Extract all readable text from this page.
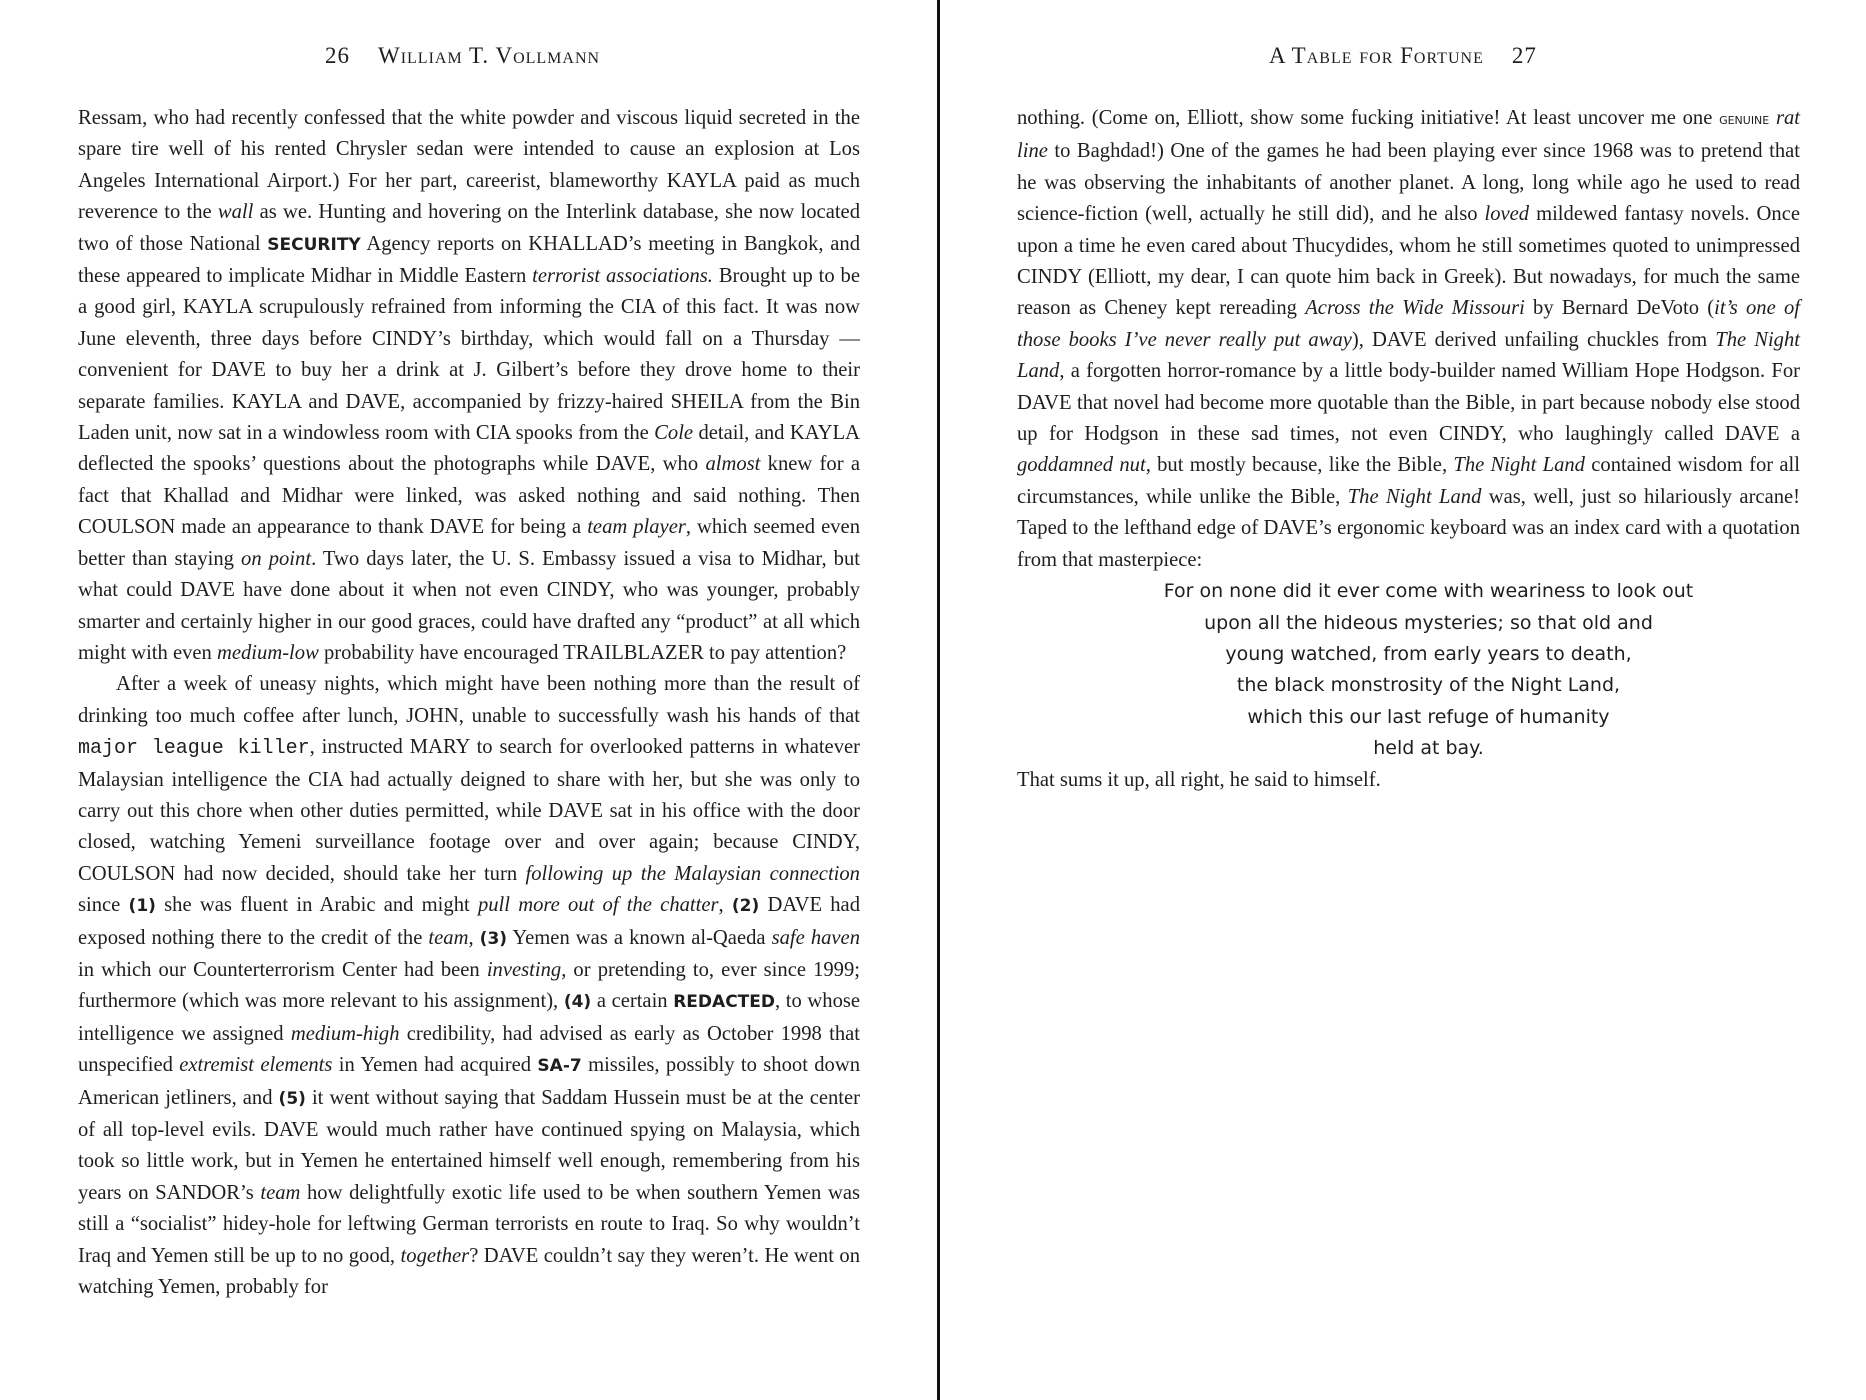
26 William T. Vollmann

Ressam, who had recently confessed that the white powder and viscous liquid secreted in the spare tire well of his rented Chrysler sedan were intended to cause an explosion at Los Angeles International Airport.) For her part, careerist, blameworthy KAYLA paid as much reverence to the wall as we. Hunting and hovering on the Interlink database, she now located two of those National SECURITY Agency reports on KHALLAD’s meeting in Bangkok, and these appeared to implicate Midhar in Middle Eastern terrorist associations. Brought up to be a good girl, KAYLA scrupulously refrained from informing the CIA of this fact. It was now June eleventh, three days before CINDY’s birthday, which would fall on a Thursday — convenient for DAVE to buy her a drink at J. Gilbert’s before they drove home to their separate families. KAYLA and DAVE, accompanied by frizzy-haired SHEILA from the Bin Laden unit, now sat in a windowless room with CIA spooks from the Cole detail, and KAYLA deflected the spooks’ questions about the photographs while DAVE, who almost knew for a fact that Khallad and Midhar were linked, was asked nothing and said nothing. Then COULSON made an appearance to thank DAVE for being a team player, which seemed even better than staying on point. Two days later, the U. S. Embassy issued a visa to Midhar, but what could DAVE have done about it when not even CINDY, who was younger, probably smarter and certainly higher in our good graces, could have drafted any “product” at all which might with even medium-low probability have encouraged TRAILBLAZER to pay attention?

After a week of uneasy nights, which might have been nothing more than the result of drinking too much coffee after lunch, JOHN, unable to successfully wash his hands of that major league killer, instructed MARY to search for overlooked patterns in whatever Malaysian intelligence the CIA had actually deigned to share with her, but she was only to carry out this chore when other duties permitted, while DAVE sat in his office with the door closed, watching Yemeni surveillance footage over and over again; because CINDY, COULSON had now decided, should take her turn following up the Malaysian connection since (1) she was fluent in Arabic and might pull more out of the chatter, (2) DAVE had exposed nothing there to the credit of the team, (3) Yemen was a known al-Qaeda safe haven in which our Counterterrorism Center had been investing, or pretending to, ever since 1999; furthermore (which was more relevant to his assignment), (4) a certain REDACTED, to whose intelligence we assigned medium-high credibility, had advised as early as October 1998 that unspecified extremist elements in Yemen had acquired SA-7 missiles, possibly to shoot down American jetliners, and (5) it went without saying that Saddam Hussein must be at the center of all top-level evils. DAVE would much rather have continued spying on Malaysia, which took so little work, but in Yemen he entertained himself well enough, remembering from his years on SANDOR’s team how delightfully exotic life used to be when southern Yemen was still a “socialist” hidey-hole for leftwing German terrorists en route to Iraq. So why wouldn’t Iraq and Yemen still be up to no good, together? DAVE couldn’t say they weren’t. He went on watching Yemen, probably for

A Table for Fortune 27

nothing. (Come on, Elliott, show some fucking initiative! At least uncover me one GENUINE rat line to Baghdad!) One of the games he had been playing ever since 1968 was to pretend that he was observing the inhabitants of another planet. A long, long while ago he used to read science-fiction (well, actually he still did), and he also loved mildewed fantasy novels. Once upon a time he even cared about Thucydides, whom he still sometimes quoted to unimpressed CINDY (Elliott, my dear, I can quote him back in Greek). But nowadays, for much the same reason as Cheney kept rereading Across the Wide Missouri by Bernard DeVoto (it’s one of those books I’ve never really put away), DAVE derived unfailing chuckles from The Night Land, a forgotten horror-romance by a little body-builder named William Hope Hodgson. For DAVE that novel had become more quotable than the Bible, in part because nobody else stood up for Hodgson in these sad times, not even CINDY, who laughingly called DAVE a goddamned nut, but mostly because, like the Bible, The Night Land contained wisdom for all circumstances, while unlike the Bible, The Night Land was, well, just so hilariously arcane! Taped to the lefthand edge of DAVE’s ergonomic keyboard was an index card with a quotation from that masterpiece:

For on none did it ever come with weariness to look out
upon all the hideous mysteries; so that old and
young watched, from early years to death,
the black monstrosity of the Night Land,
which this our last refuge of humanity
held at bay.

That sums it up, all right, he said to himself.
